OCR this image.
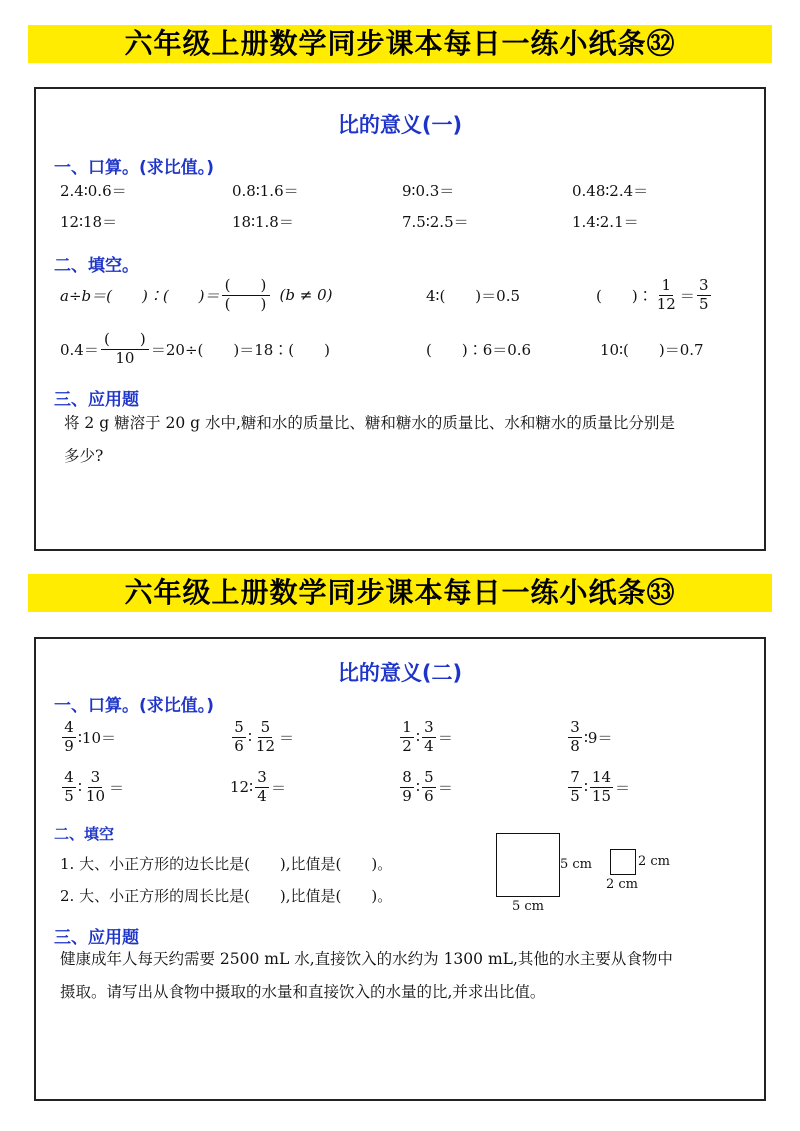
六年级上册数学同步课本每日一练小纸条㉜
比的意义(一)
一、口算。(求比值。)
2.4∶0.6＝	0.8∶1.6＝	9∶0.3＝	0.48∶2.4＝
12∶18＝	18∶1.8＝	7.5∶2.5＝	1.4∶2.1＝
二、填空。
a÷b＝(　　)∶(　　)＝ $\frac{( )}{( )} (b \ne 0)$	4∶(　　)＝0.5	(　　)∶ $\frac{1}{12} = \frac{3}{5}$
$0.4= \frac{( )}{10} =20\div$(　　)＝18∶(　　)	(　　)∶6＝0.6	10∶(　　)＝0.7
三、应用题
将 2 g 糖溶于 20 g 水中,糖和水的质量比、糖和糖水的质量比、水和糖水的质量比分别是
多少?
六年级上册数学同步课本每日一练小纸条㉝
比的意义(二)
一、口算。(求比值。)
$\frac{4}{9}$ ∶10＝	$\frac{5}{6}$ ∶ $\frac{5}{12}$ ＝	$\frac{1}{2}$ ∶ $\frac{3}{4}$ ＝	$\frac{3}{8}$ ∶9＝
$\frac{4}{5}$ ∶ $\frac{3}{10}$ ＝	12∶ $\frac{3}{4}$ ＝	$\frac{8}{9}$ ∶ $\frac{5}{6}$ ＝	$\frac{7}{5}$ ∶ $\frac{14}{15}$ ＝
二、填空
1. 大、小正方形的边长比是(　　),比值是(　　)。
2. 大、小正方形的周长比是(　　),比值是(　　)。
5 cm
5 cm
2 cm
2 cm
三、应用题
健康成年人每天约需要 2500 mL 水,直接饮入的水约为 1300 mL,其他的水主要从食物中
摄取。请写出从食物中摄取的水量和直接饮入的水量的比,并求出比值。
